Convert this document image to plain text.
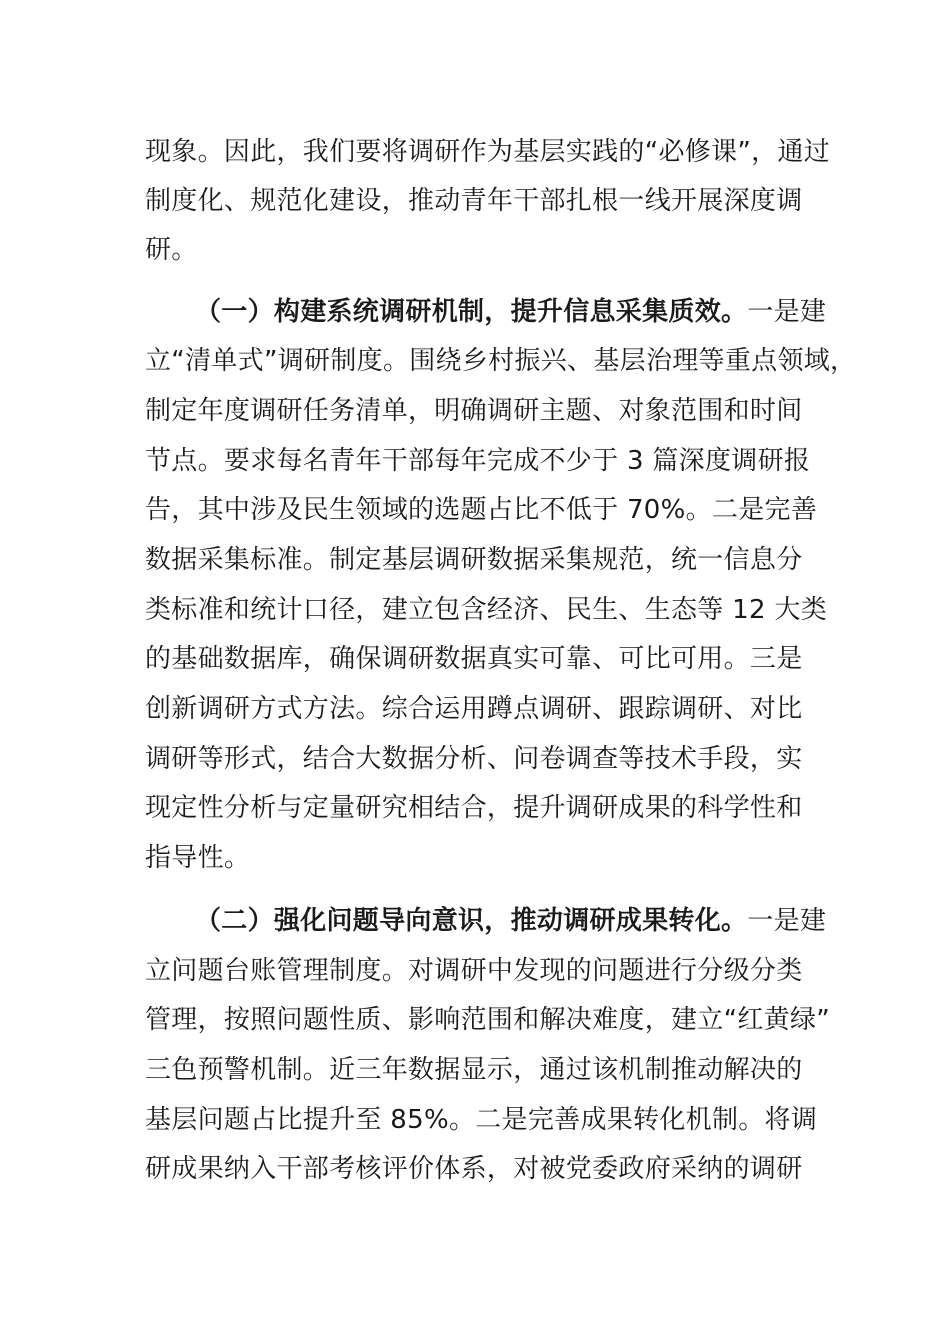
现象。因此，我们要将调研作为基层实践的“必修课”，通过
制度化、规范化建设，推动青年干部扎根一线开展深度调
研。
（一）构建系统调研机制，提升信息采集质效。一是建
立“清单式”调研制度。围绕乡村振兴、基层治理等重点领域，
制定年度调研任务清单，明确调研主题、对象范围和时间
节点。要求每名青年干部每年完成不少于 3 篇深度调研报
告，其中涉及民生领域的选题占比不低于 70%。二是完善
数据采集标准。制定基层调研数据采集规范，统一信息分
类标准和统计口径，建立包含经济、民生、生态等 12 大类
的基础数据库，确保调研数据真实可靠、可比可用。三是
创新调研方式方法。综合运用蹲点调研、跟踪调研、对比
调研等形式，结合大数据分析、问卷调查等技术手段，实
现定性分析与定量研究相结合，提升调研成果的科学性和
指导性。
（二）强化问题导向意识，推动调研成果转化。一是建
立问题台账管理制度。对调研中发现的问题进行分级分类
管理，按照问题性质、影响范围和解决难度，建立“红黄绿”
三色预警机制。近三年数据显示，通过该机制推动解决的
基层问题占比提升至 85%。二是完善成果转化机制。将调
研成果纳入干部考核评价体系，对被党委政府采纳的调研
